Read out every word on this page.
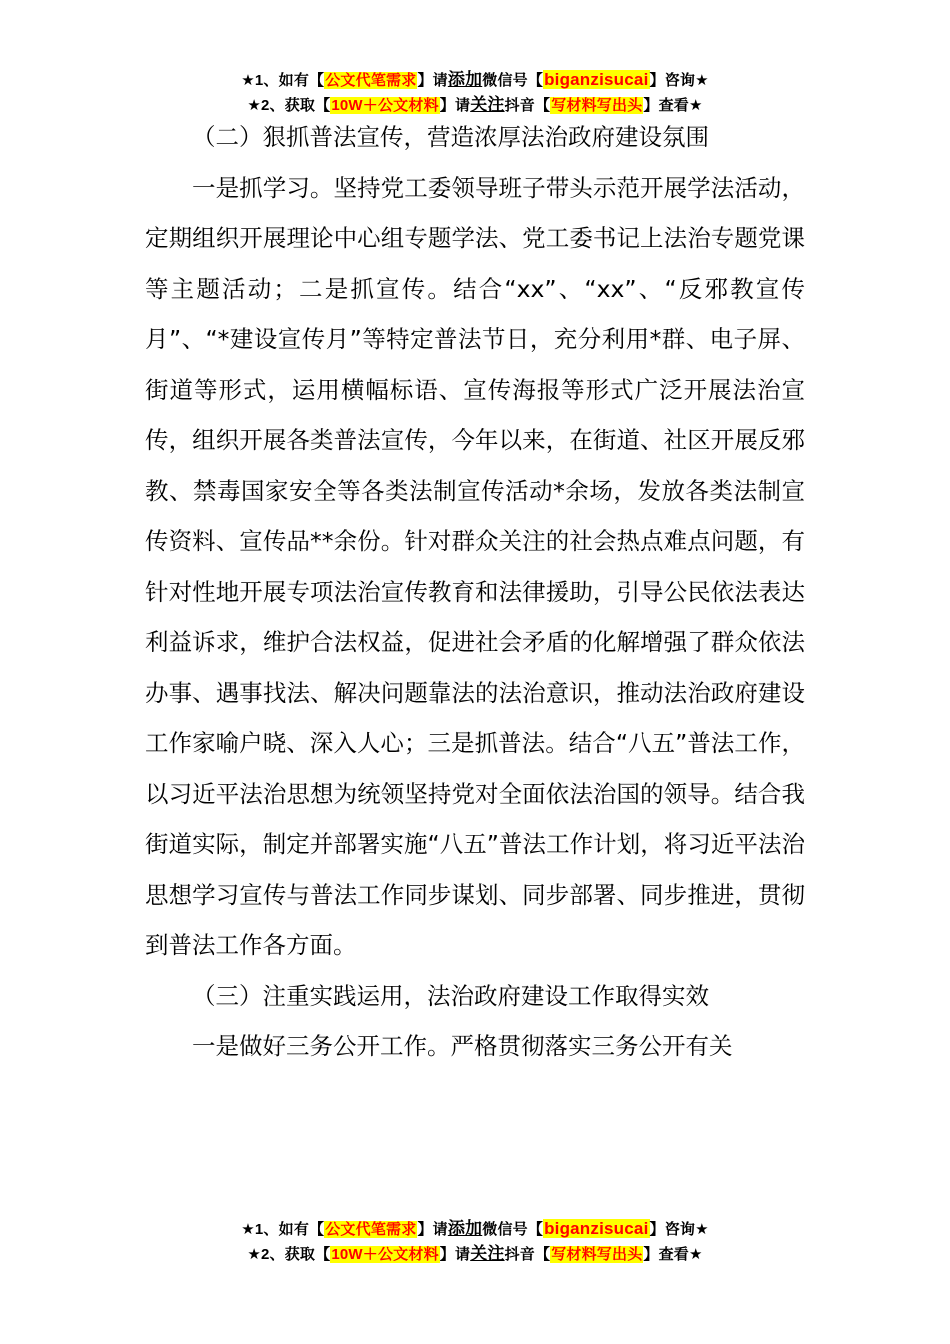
★1、如有【公文代笔需求】请添加微信号【biganzisucai】咨询★
★2、获取【10W＋公文材料】请关注抖音【写材料写出头】查看★

（二）狠抓普法宣传，营造浓厚法治政府建设氛围

一是抓学习。坚持党工委领导班子带头示范开展学法活动，定期组织开展理论中心组专题学法、党工委书记上法治专题党课等主题活动；二是抓宣传。结合“xx”、“xx”、“反邪教宣传月”、“*建设宣传月”等特定普法节日，充分利用*群、电子屏、街道等形式，运用横幅标语、宣传海报等形式广泛开展法治宣传，组织开展各类普法宣传，今年以来，在街道、社区开展反邪教、禁毒国家安全等各类法制宣传活动*余场，发放各类法制宣传资料、宣传品**余份。针对群众关注的社会热点难点问题，有针对性地开展专项法治宣传教育和法律援助，引导公民依法表达利益诉求，维护合法权益，促进社会矛盾的化解增强了群众依法办事、遇事找法、解决问题靠法的法治意识，推动法治政府建设工作家喻户晓、深入人心；三是抓普法。结合“八五”普法工作，以习近平法治思想为统领坚持党对全面依法治国的领导。结合我街道实际，制定并部署实施“八五”普法工作计划，将习近平法治思想学习宣传与普法工作同步谋划、同步部署、同步推进，贯彻到普法工作各方面。

（三）注重实践运用，法治政府建设工作取得实效

一是做好三务公开工作。严格贯彻落实三务公开有关

★1、如有【公文代笔需求】请添加微信号【biganzisucai】咨询★
★2、获取【10W＋公文材料】请关注抖音【写材料写出头】查看★
